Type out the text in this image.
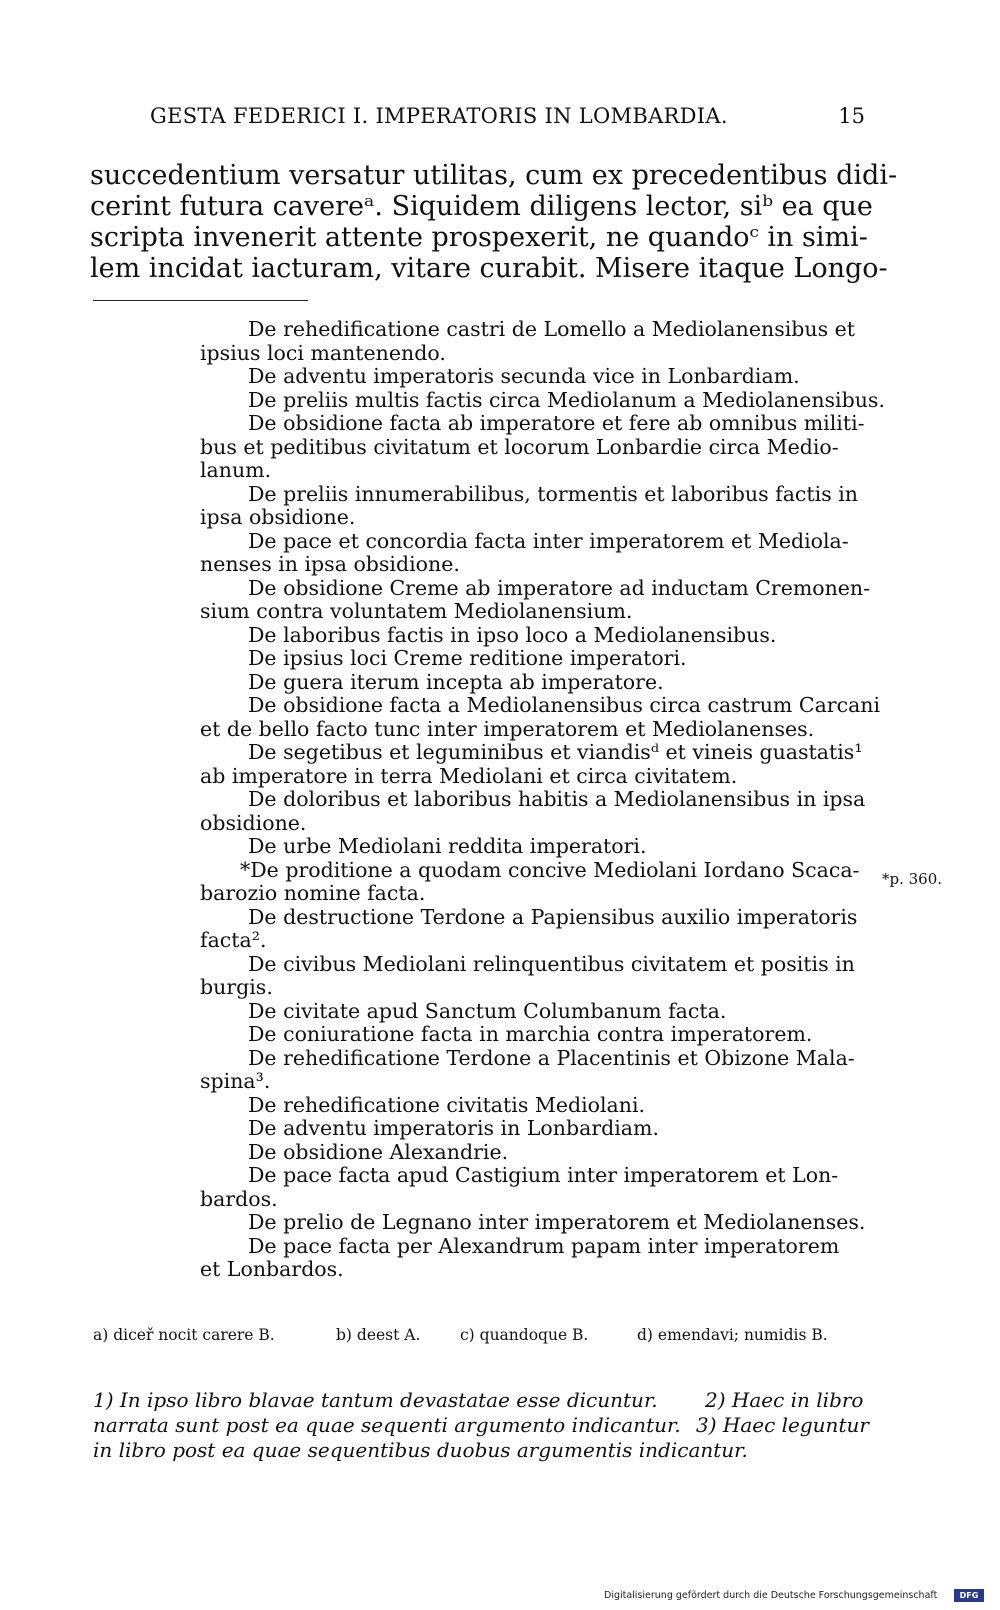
GESTA FEDERICI I. IMPERATORIS IN LOMBARDIA.	15
succedentium versatur utilitas, cum ex precedentibus didi-
cerint futura cavereᵃ. Siquidem diligens lector, siᵇ ea que
scripta invenerit attente prospexerit, ne quandoᶜ in simi-
lem incidat iacturam, vitare curabit. Misere itaque Longo-
De rehedificatione castri de Lomello a Mediolanensibus et
ipsius loci mantenendo.
De adventu imperatoris secunda vice in Lonbardiam.
De preliis multis factis circa Mediolanum a Mediolanensibus.
De obsidione facta ab imperatore et fere ab omnibus militi-
bus et peditibus civitatum et locorum Lonbardie circa Medio-
lanum.
De preliis innumerabilibus, tormentis et laboribus factis in
ipsa obsidione.
De pace et concordia facta inter imperatorem et Mediola-
nenses in ipsa obsidione.
De obsidione Creme ab imperatore ad inductam Cremonen-
sium contra voluntatem Mediolanensium.
De laboribus factis in ipso loco a Mediolanensibus.
De ipsius loci Creme reditione imperatori.
De guera iterum incepta ab imperatore.
De obsidione facta a Mediolanensibus circa castrum Carcani
et de bello facto tunc inter imperatorem et Mediolanenses.
De segetibus et leguminibus et viandisᵈ et vineis guastatis¹
ab imperatore in terra Mediolani et circa civitatem.
De doloribus et laboribus habitis a Mediolanensibus in ipsa
obsidione.
De urbe Mediolani reddita imperatori.
*De proditione a quodam concive Mediolani Iordano Scaca-
barozio nomine facta.
De destructione Terdone a Papiensibus auxilio imperatoris
facta².
De civibus Mediolani relinquentibus civitatem et positis in
burgis.
De civitate apud Sanctum Columbanum facta.
De coniuratione facta in marchia contra imperatorem.
De rehedificatione Terdone a Placentinis et Obizone Mala-
spina³.
De rehedificatione civitatis Mediolani.
De adventu imperatoris in Lonbardiam.
De obsidione Alexandrie.
De pace facta apud Castigium inter imperatorem et Lon-
bardos.
De prelio de Legnano inter imperatorem et Mediolanenses.
De pace facta per Alexandrum papam inter imperatorem
et Lonbardos.
*p. 360.
a) diceř nocit carere B.	b) deest A.	c) quandoque B.	d) emendavi; numidis B.
1) In ipso libro blavae tantum devastatae esse dicuntur. 2) Haec in libro
narrata sunt post ea quae sequenti argumento indicantur. 3) Haec leguntur
in libro post ea quae sequentibus duobus argumentis indicantur.
Digitalisierung gefördert durch die Deutsche Forschungsgemeinschaft	DFG
